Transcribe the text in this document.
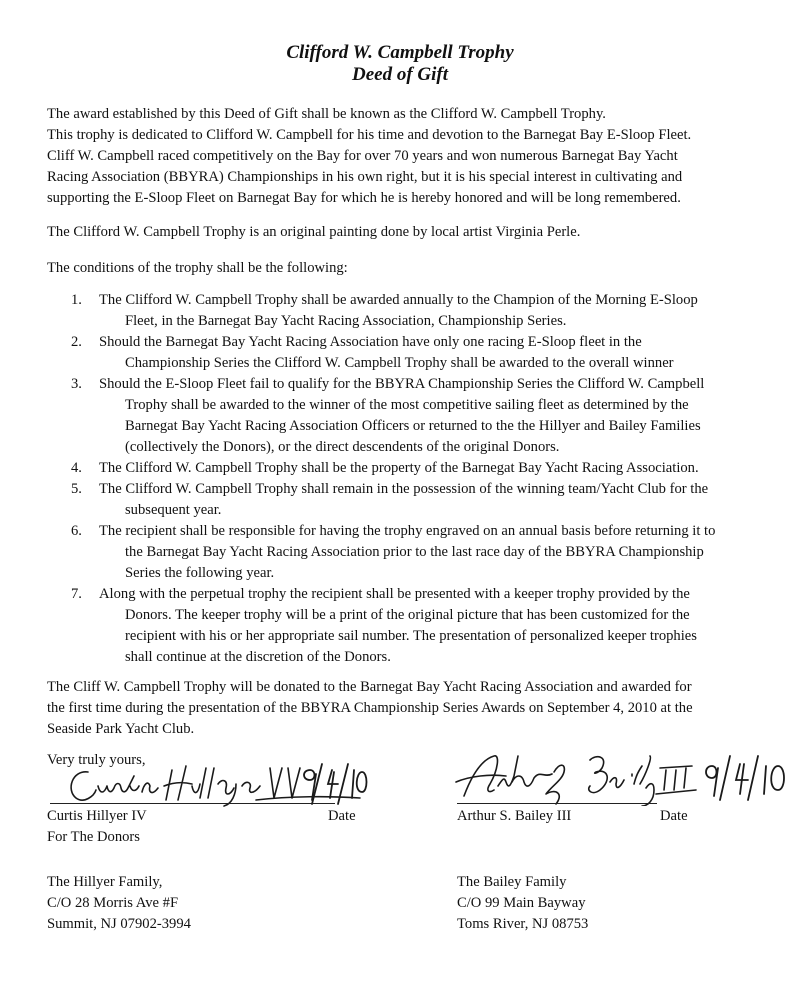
Clifford W. Campbell Trophy
Deed of Gift
The award established by this Deed of Gift shall be known as the Clifford W. Campbell Trophy.
This trophy is dedicated to Clifford W. Campbell for his time and devotion to the Barnegat Bay E-Sloop Fleet.
Cliff W. Campbell raced competitively on the Bay for over 70 years and won numerous Barnegat Bay Yacht
Racing Association (BBYRA) Championships in his own right, but it is his special interest in cultivating and
supporting the E-Sloop Fleet on Barnegat Bay for which he is hereby honored and will be long remembered.
The Clifford W. Campbell Trophy is an original painting done by local artist Virginia Perle.
The conditions of the trophy shall be the following:
1. The Clifford W. Campbell Trophy shall be awarded annually to the Champion of the Morning E-Sloop
Fleet, in the Barnegat Bay Yacht Racing Association, Championship Series.
2. Should the Barnegat Bay Yacht Racing Association have only one racing E-Sloop fleet in the
Championship Series the Clifford W. Campbell Trophy shall be awarded to the overall winner
3. Should the E-Sloop Fleet fail to qualify for the BBYRA Championship Series the Clifford W. Campbell
Trophy shall be awarded to the winner of the most competitive sailing fleet as determined by the
Barnegat Bay Yacht Racing Association Officers or returned to the the Hillyer and Bailey Families
(collectively the Donors), or the direct descendents of the original Donors.
4. The Clifford W. Campbell Trophy shall be the property of the Barnegat Bay Yacht Racing Association.
5. The Clifford W. Campbell Trophy shall remain in the possession of the winning team/Yacht Club for the
subsequent year.
6. The recipient shall be responsible for having the trophy engraved on an annual basis before returning it to
the Barnegat Bay Yacht Racing Association prior to the last race day of the BBYRA Championship
Series the following year.
7. Along with the perpetual trophy the recipient shall be presented with a keeper trophy provided by the
Donors. The keeper trophy will be a print of the original picture that has been customized for the
recipient with his or her appropriate sail number. The presentation of personalized keeper trophies
shall continue at the discretion of the Donors.
The Cliff W. Campbell Trophy will be donated to the Barnegat Bay Yacht Racing Association and awarded for
the first time during the presentation of the BBYRA Championship Series Awards on September 4, 2010 at the
Seaside Park Yacht Club.
Very truly yours,
Curtis Hillyer IV	Date
For The Donors
Arthur S. Bailey III	Date
The Hillyer Family,
C/O 28 Morris Ave #F
Summit, NJ 07902-3994
The Bailey Family
C/O 99 Main Bayway
Toms River, NJ 08753
